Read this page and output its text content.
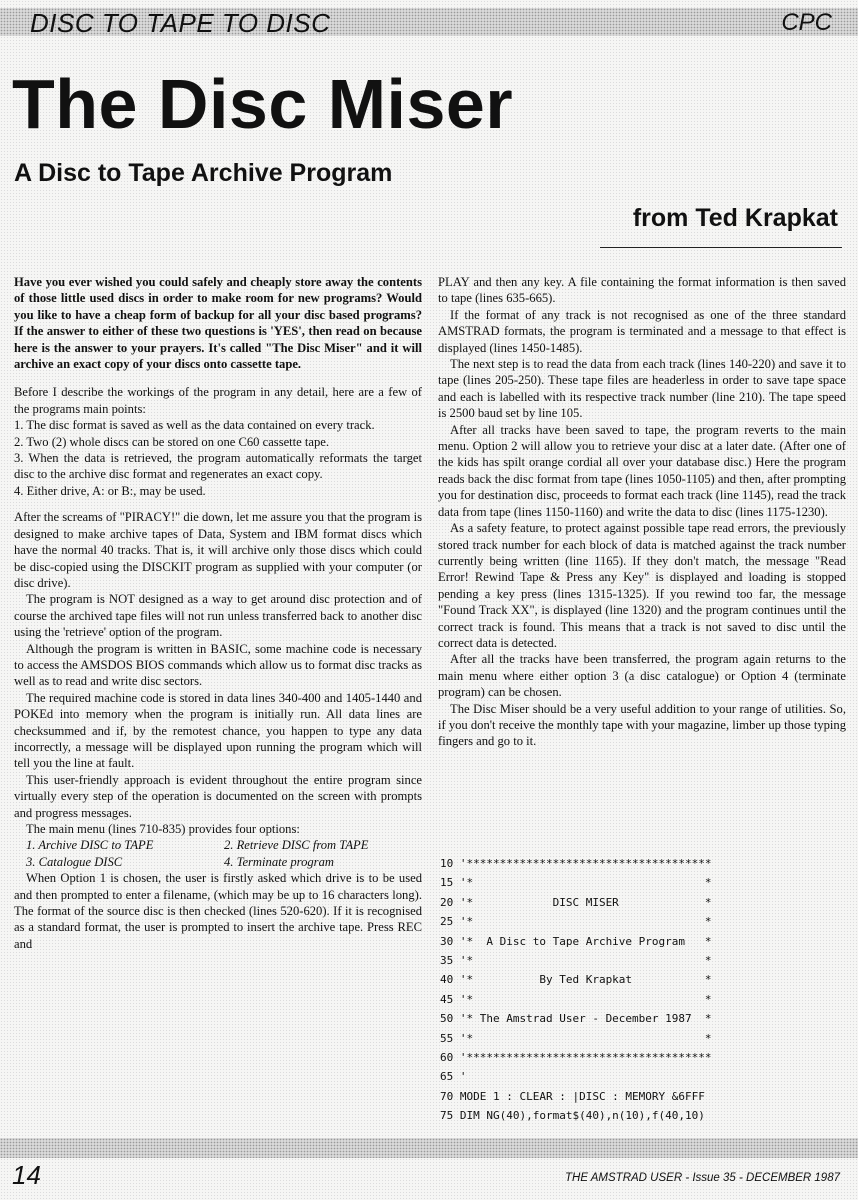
DISC TO TAPE TO DISC	CPC
The Disc Miser
A Disc to Tape Archive Program
from Ted Krapkat

Have you ever wished you could safely and cheaply store away the contents of those little used discs in order to make room for new programs? Would you like to have a cheap form of backup for all your disc based programs? If the answer to either of these two questions is 'YES', then read on because here is the answer to your prayers. It's called "The Disc Miser" and it will archive an exact copy of your discs onto cassette tape.

Before I describe the workings of the program in any detail, here are a few of the programs main points:

1. The disc format is saved as well as the data contained on every track.

2. Two (2) whole discs can be stored on one C60 cassette tape.

3. When the data is retrieved, the program automatically reformats the target disc to the archive disc format and regenerates an exact copy.

4. Either drive, A: or B:, may be used.

After the screams of "PIRACY!" die down, let me assure you that the program is designed to make archive tapes of Data, System and IBM format discs which have the normal 40 tracks. That is, it will archive only those discs which could be disc-copied using the DISCKIT program as supplied with your computer (or disc drive).

The program is NOT designed as a way to get around disc protection and of course the archived tape files will not run unless transferred back to another disc using the 'retrieve' option of the program.

Although the program is written in BASIC, some machine code is necessary to access the AMSDOS BIOS commands which allow us to format disc tracks as well as to read and write disc sectors.

The required machine code is stored in data lines 340-400 and 1405-1440 and POKEd into memory when the program is initially run. All data lines are checksummed and if, by the remotest chance, you happen to type any data incorrectly, a message will be displayed upon running the program which will tell you the line at fault.

This user-friendly approach is evident throughout the entire program since virtually every step of the operation is documented on the screen with prompts and progress messages.

The main menu (lines 710-835) provides four options:

1. Archive DISC to TAPE	2. Retrieve DISC from TAPE
3. Catalogue DISC	4. Terminate program

When Option 1 is chosen, the user is firstly asked which drive is to be used and then prompted to enter a filename, (which may be up to 16 characters long). The format of the source disc is then checked (lines 520-620). If it is recognised as a standard format, the user is prompted to insert the archive tape. Press REC and

PLAY and then any key. A file containing the format information is then saved to tape (lines 635-665).

If the format of any track is not recognised as one of the three standard AMSTRAD formats, the program is terminated and a message to that effect is displayed (lines 1450-1485).

The next step is to read the data from each track (lines 140-220) and save it to tape (lines 205-250). These tape files are headerless in order to save tape space and each is labelled with its respective track number (line 210). The tape speed is 2500 baud set by line 105.

After all tracks have been saved to tape, the program reverts to the main menu. Option 2 will allow you to retrieve your disc at a later date. (After one of the kids has spilt orange cordial all over your database disc.) Here the program reads back the disc format from tape (lines 1050-1105) and then, after prompting you for destination disc, proceeds to format each track (line 1145), read the track data from tape (lines 1150-1160) and write the data to disc (lines 1175-1230).

As a safety feature, to protect against possible tape read errors, the previously stored track number for each block of data is matched against the track number currently being written (line 1165). If they don't match, the message "Read Error! Rewind Tape & Press any Key" is displayed and loading is stopped pending a key press (lines 1315-1325). If you rewind too far, the message "Found Track XX", is displayed (line 1320) and the program continues until the correct track is found. This means that a track is not saved to disc until the correct data is detected.

After all the tracks have been transferred, the program again returns to the main menu where either option 3 (a disc catalogue) or Option 4 (terminate program) can be chosen.

The Disc Miser should be a very useful addition to your range of utilities. So, if you don't receive the monthly tape with your magazine, limber up those typing fingers and go to it.

10 '*************************************
15 '*                                   *
20 '*            DISC MISER             *
25 '*                                   *
30 '*  A Disc to Tape Archive Program   *
35 '*                                   *
40 '*          By Ted Krapkat           *
45 '*                                   *
50 '* The Amstrad User - December 1987  *
55 '*                                   *
60 '*************************************
65 '
70 MODE 1 : CLEAR : |DISC : MEMORY &6FFF
75 DIM NG(40),format$(40),n(10),f(40,10)
14	THE AMSTRAD USER - Issue 35 - DECEMBER 1987
